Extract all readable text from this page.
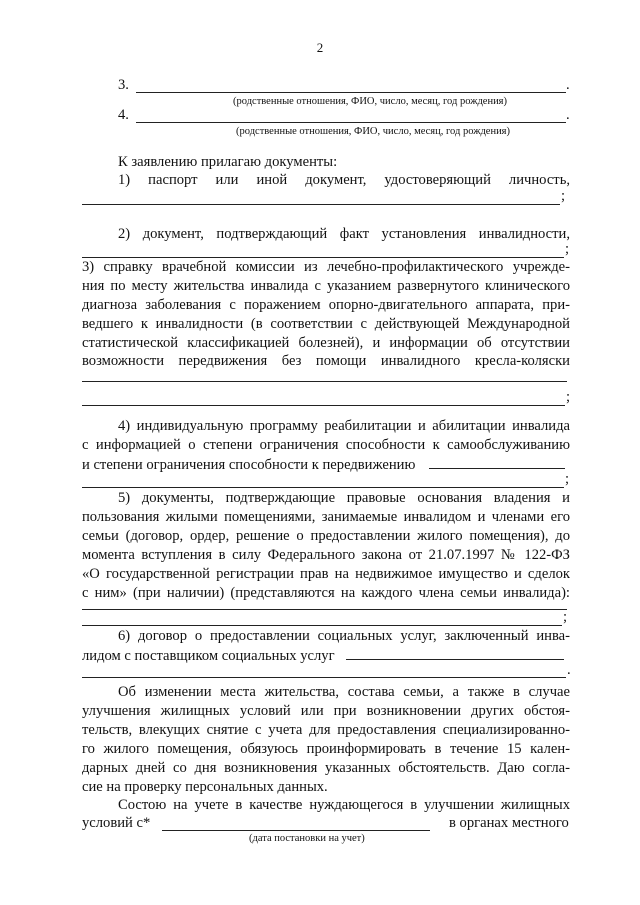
2
3.	.
(родственные отношения, ФИО, число, месяц, год рождения)
4.	.
(родственные отношения, ФИО, число, месяц, год рождения)
К заявлению прилагаю документы:
1) паспорт или иной документ, удостоверяющий личность,
;
2) документ, подтверждающий факт установления инвалидности,
;
3) справку врачебной комиссии из лечебно-профилактического учрежде-
ния по месту жительства инвалида с указанием развернутого клинического
диагноза заболевания с поражением опорно-двигательного аппарата, при-
ведшего к инвалидности (в соответствии с действующей Международной
статистической классификацией болезней), и информации об отсутствии
возможности передвижения без помощи инвалидного кресла-коляски
;
4) индивидуальную программу реабилитации и абилитации инвалида
с информацией о степени ограничения способности к самообслуживанию
и степени ограничения способности к передвижению
;
5) документы, подтверждающие правовые основания владения и
пользования жилыми помещениями, занимаемые инвалидом и членами его
семьи (договор, ордер, решение о предоставлении жилого помещения), до
момента вступления в силу Федерального закона от 21.07.1997 № 122-ФЗ
«О государственной регистрации прав на недвижимое имущество и сделок
с ним» (при наличии) (представляются на каждого члена семьи инвалида):
;
6) договор о предоставлении социальных услуг, заключенный инва-
лидом с поставщиком социальных услуг
.
Об изменении места жительства, состава семьи, а также в случае
улучшения жилищных условий или при возникновении других обстоя-
тельств, влекущих снятие с учета для предоставления специализированно-
го жилого помещения, обязуюсь проинформировать в течение 15 кален-
дарных дней со дня возникновения указанных обстоятельств. Даю согла-
сие на проверку персональных данных.
Состою на учете в качестве нуждающегося в улучшении жилищных
условий с*	в органах местного
(дата постановки на учет)
